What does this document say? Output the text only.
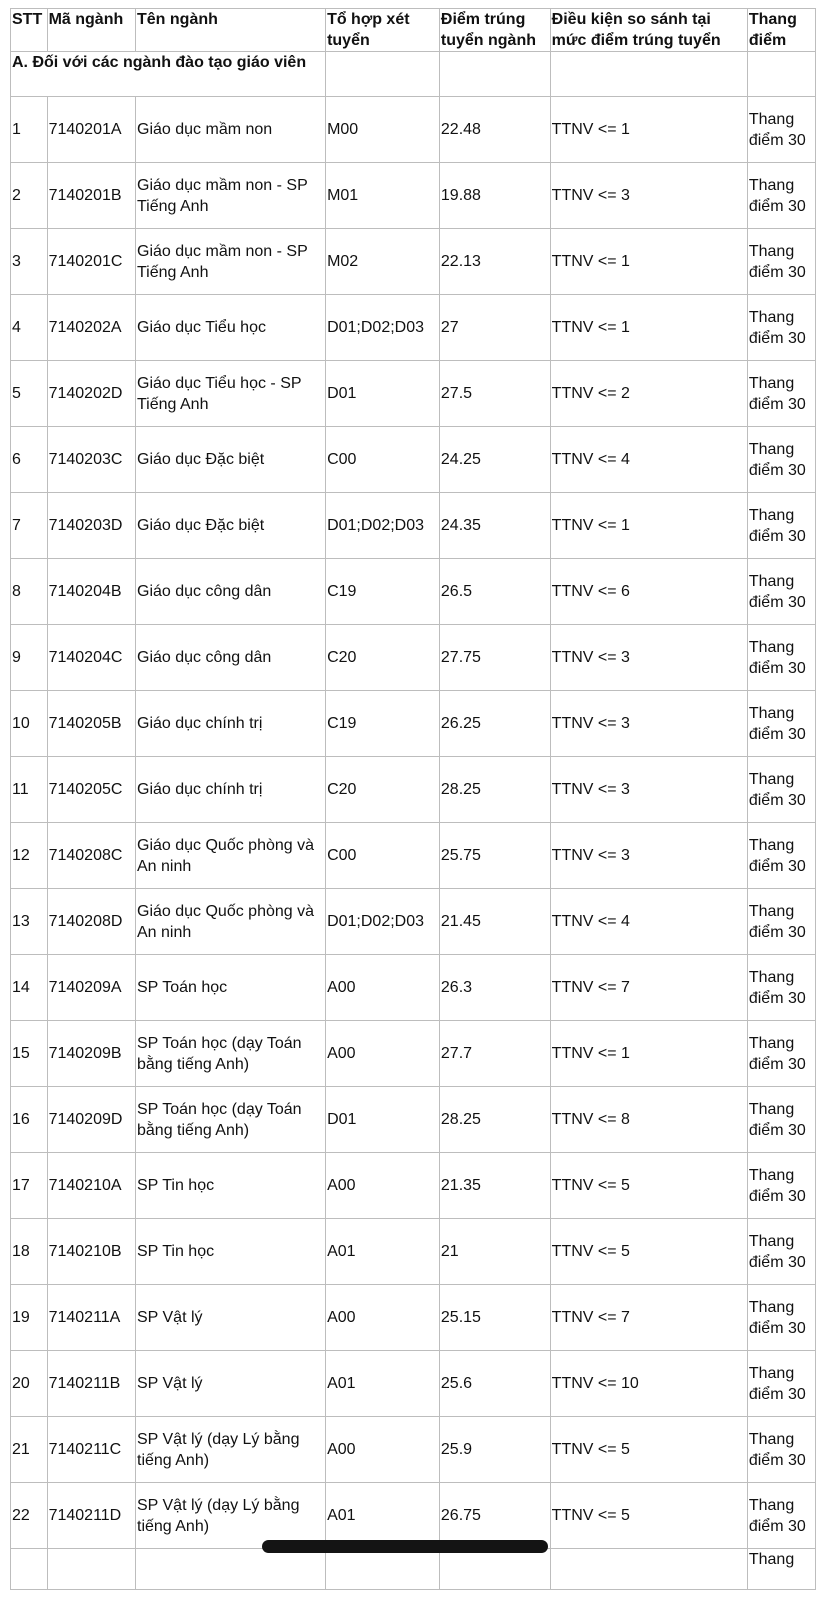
STT	Mã ngành	Tên ngành	Tổ hợp xét tuyển	Điểm trúng tuyển ngành	Điều kiện so sánh tại mức điểm trúng tuyển	Thang điểm
A. Đối với các ngành đào tạo giáo viên						
1	7140201A	Giáo dục mầm non	M00	22.48	TTNV <= 1	Thang điểm 30
2	7140201B	Giáo dục mầm non - SP Tiếng Anh	M01	19.88	TTNV <= 3	Thang điểm 30
3	7140201C	Giáo dục mầm non - SP Tiếng Anh	M02	22.13	TTNV <= 1	Thang điểm 30
4	7140202A	Giáo dục Tiểu học	D01;D02;D03	27	TTNV <= 1	Thang điểm 30
5	7140202D	Giáo dục Tiểu học - SP Tiếng Anh	D01	27.5	TTNV <= 2	Thang điểm 30
6	7140203C	Giáo dục Đặc biệt	C00	24.25	TTNV <= 4	Thang điểm 30
7	7140203D	Giáo dục Đặc biệt	D01;D02;D03	24.35	TTNV <= 1	Thang điểm 30
8	7140204B	Giáo dục công dân	C19	26.5	TTNV <= 6	Thang điểm 30
9	7140204C	Giáo dục công dân	C20	27.75	TTNV <= 3	Thang điểm 30
10	7140205B	Giáo dục chính trị	C19	26.25	TTNV <= 3	Thang điểm 30
11	7140205C	Giáo dục chính trị	C20	28.25	TTNV <= 3	Thang điểm 30
12	7140208C	Giáo dục Quốc phòng và An ninh	C00	25.75	TTNV <= 3	Thang điểm 30
13	7140208D	Giáo dục Quốc phòng và An ninh	D01;D02;D03	21.45	TTNV <= 4	Thang điểm 30
14	7140209A	SP Toán học	A00	26.3	TTNV <= 7	Thang điểm 30
15	7140209B	SP Toán học (dạy Toán bằng tiếng Anh)	A00	27.7	TTNV <= 1	Thang điểm 30
16	7140209D	SP Toán học (dạy Toán bằng tiếng Anh)	D01	28.25	TTNV <= 8	Thang điểm 30
17	7140210A	SP Tin học	A00	21.35	TTNV <= 5	Thang điểm 30
18	7140210B	SP Tin học	A01	21	TTNV <= 5	Thang điểm 30
19	7140211A	SP Vật lý	A00	25.15	TTNV <= 7	Thang điểm 30
20	7140211B	SP Vật lý	A01	25.6	TTNV <= 10	Thang điểm 30
21	7140211C	SP Vật lý (dạy Lý bằng tiếng Anh)	A00	25.9	TTNV <= 5	Thang điểm 30
22	7140211D	SP Vật lý (dạy Lý bằng tiếng Anh)	A01	26.75	TTNV <= 5	Thang điểm 30
						Thang
